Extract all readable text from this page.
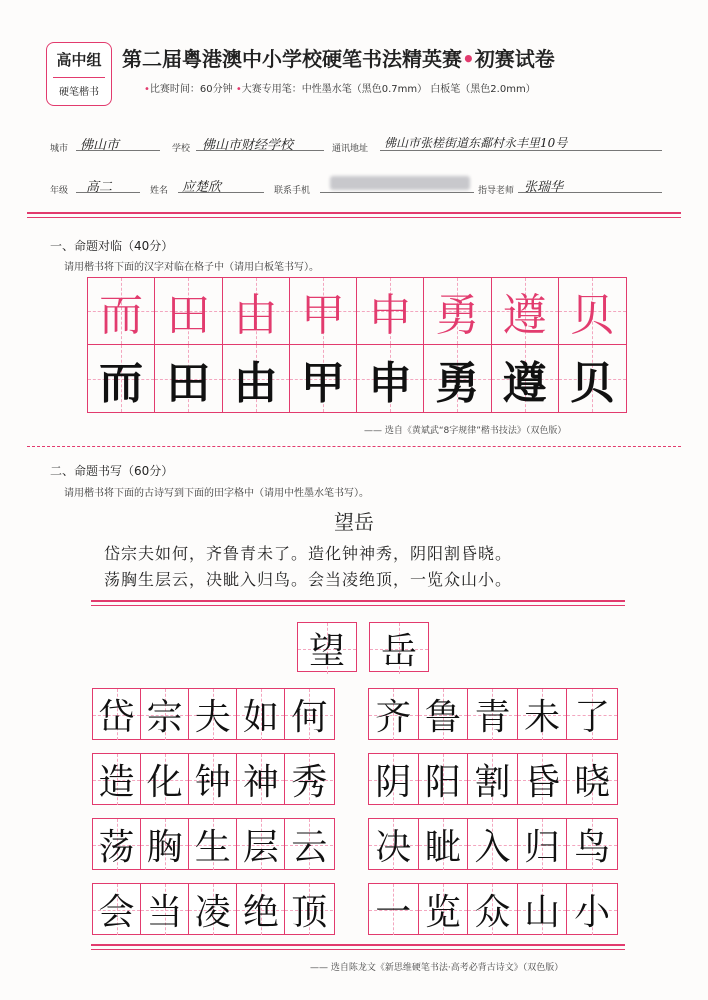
高中组
硬笔楷书
第二届粤港澳中小学校硬笔书法精英赛•初赛试卷
•比赛时间：60分钟 •大赛专用笔：中性墨水笔（黑色0.7mm） 白板笔（黑色2.0mm）
城市 佛山市	学校 佛山市财经学校	通讯地址 佛山市张槎街道东鄱村永丰里10号
年级 高二	姓名 应楚欣	联系手机	指导老师 张瑞华
一、命题对临（40分）
请用楷书将下面的汉字对临在格子中（请用白板笔书写）。
而 田 由 甲 申 勇 遵 贝
而 田 由 甲 申 勇 遵 贝
—— 选自《黄斌武“8字规律”楷书技法》（双色版）
二、命题书写（60分）
请用楷书将下面的古诗写到下面的田字格中（请用中性墨水笔书写）。
望岳
岱宗夫如何，齐鲁青未了。造化钟神秀，阴阳割昏晓。
荡胸生层云，决眦入归鸟。会当凌绝顶，一览众山小。
望 岳
岱 宗 夫 如 何 齐 鲁 青 未 了
造 化 钟 神 秀 阴 阳 割 昏 晓
荡 胸 生 层 云 决 眦 入 归 鸟
会 当 凌 绝 顶 一 览 众 山 小
—— 选自陈龙文《新思维硬笔书法·高考必背古诗文》（双色版）
